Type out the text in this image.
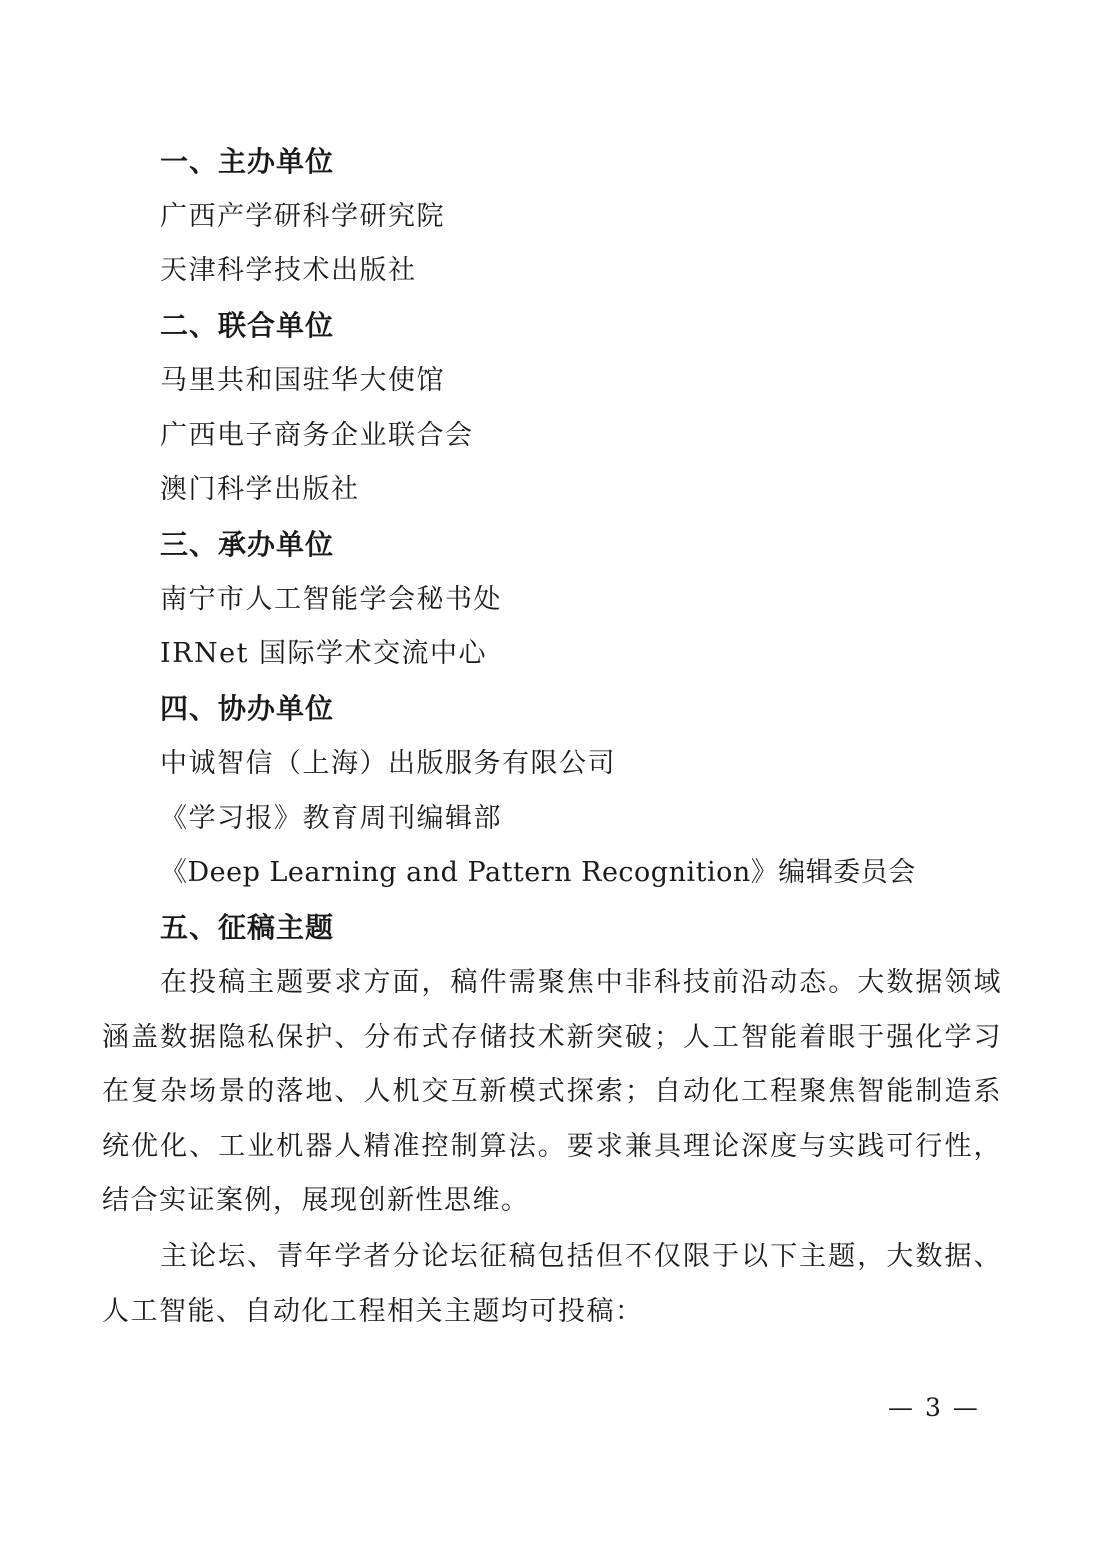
一、主办单位
广西产学研科学研究院
天津科学技术出版社
二、联合单位
马里共和国驻华大使馆
广西电子商务企业联合会
澳门科学出版社
三、承办单位
南宁市人工智能学会秘书处
IRNet 国际学术交流中心
四、协办单位
中诚智信（上海）出版服务有限公司
《学习报》教育周刊编辑部
《Deep Learning and Pattern Recognition》编辑委员会
五、征稿主题

在投稿主题要求方面，稿件需聚焦中非科技前沿动态。大数据领域涵盖数据隐私保护、分布式存储技术新突破；人工智能着眼于强化学习在复杂场景的落地、人机交互新模式探索；自动化工程聚焦智能制造系统优化、工业机器人精准控制算法。要求兼具理论深度与实践可行性，结合实证案例，展现创新性思维。

主论坛、青年学者分论坛征稿包括但不仅限于以下主题，大数据、人工智能、自动化工程相关主题均可投稿：

— 3 —
